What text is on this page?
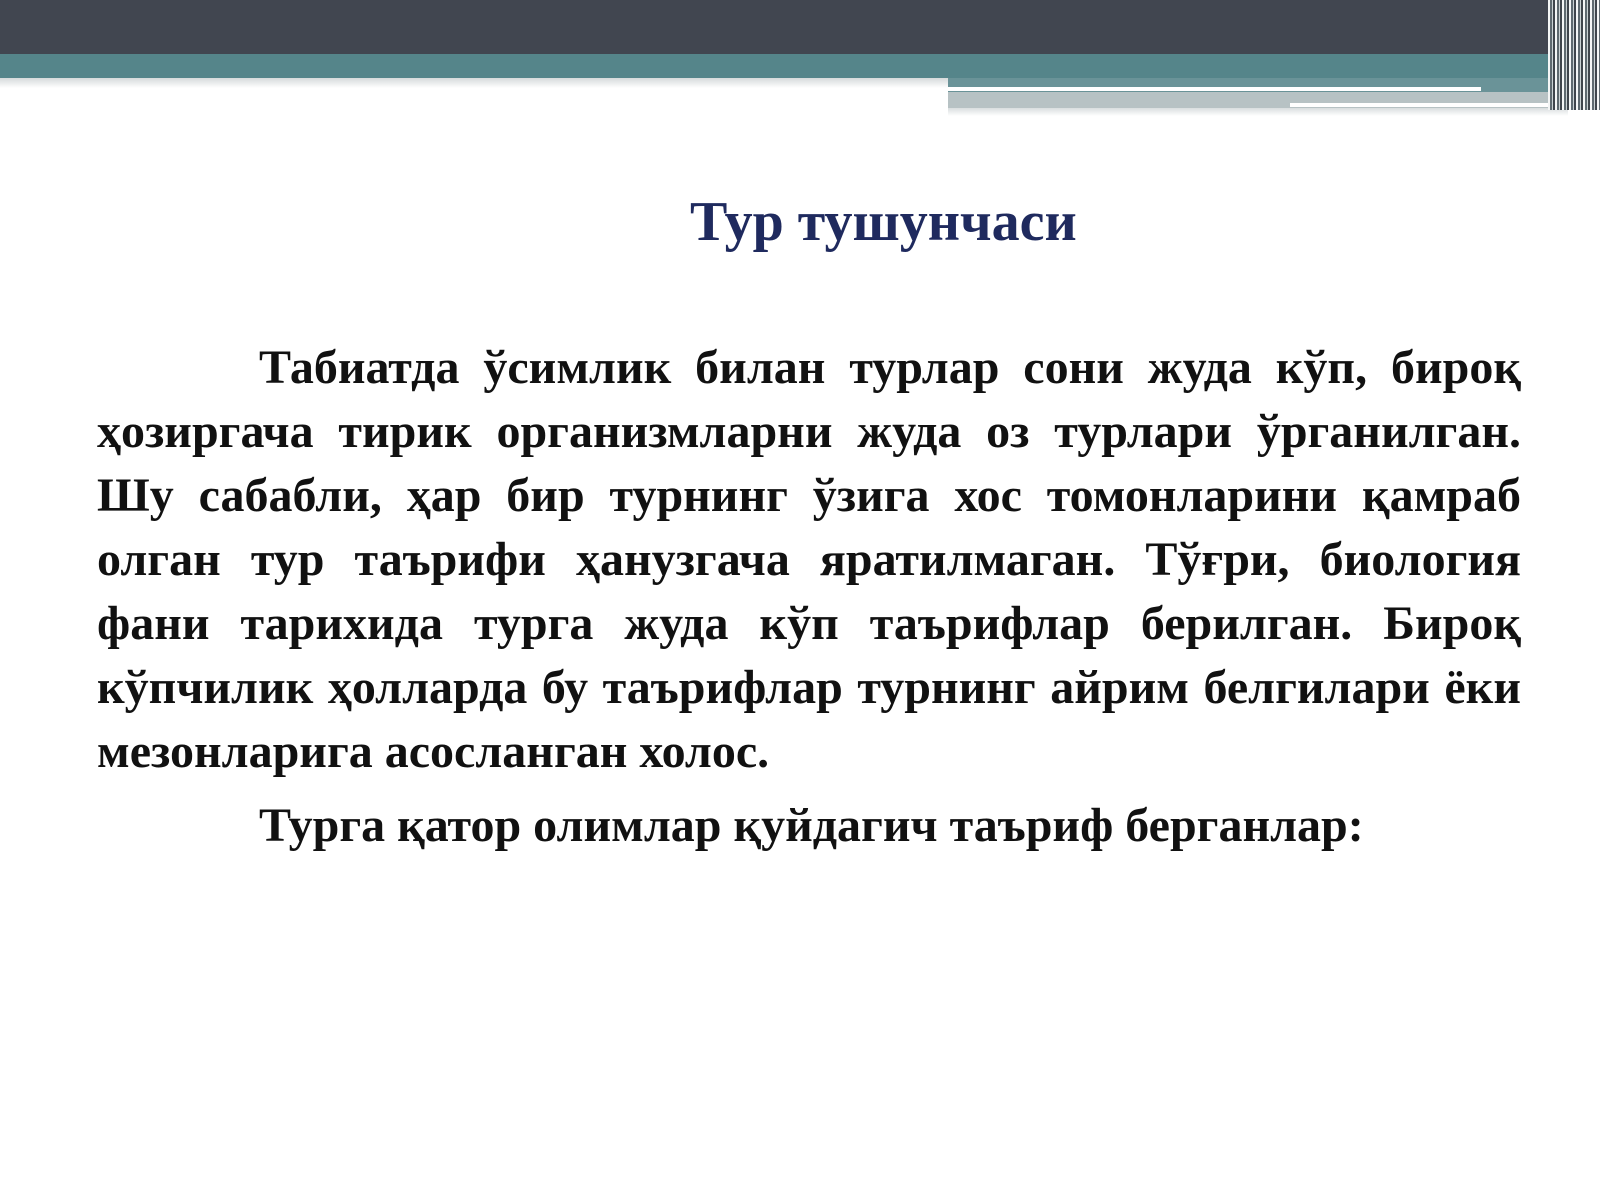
Тур тушунчаси

Табиатда ўсимлик билан турлар сони жуда кўп, бироқ ҳозиргача тирик организмларни жуда оз турлари ўрганилган. Шу сабабли, ҳар бир турнинг ўзига хос томонларини қамраб олган тур таърифи ҳанузгача яратилмаган. Тўғри, биология фани тарихида турга жуда кўп таърифлар берилган. Бироқ кўпчилик ҳолларда бу таърифлар турнинг айрим белгилари ёки мезонларига асосланган холос.

Турга қатор олимлар қуйдагич таъриф берганлар:
